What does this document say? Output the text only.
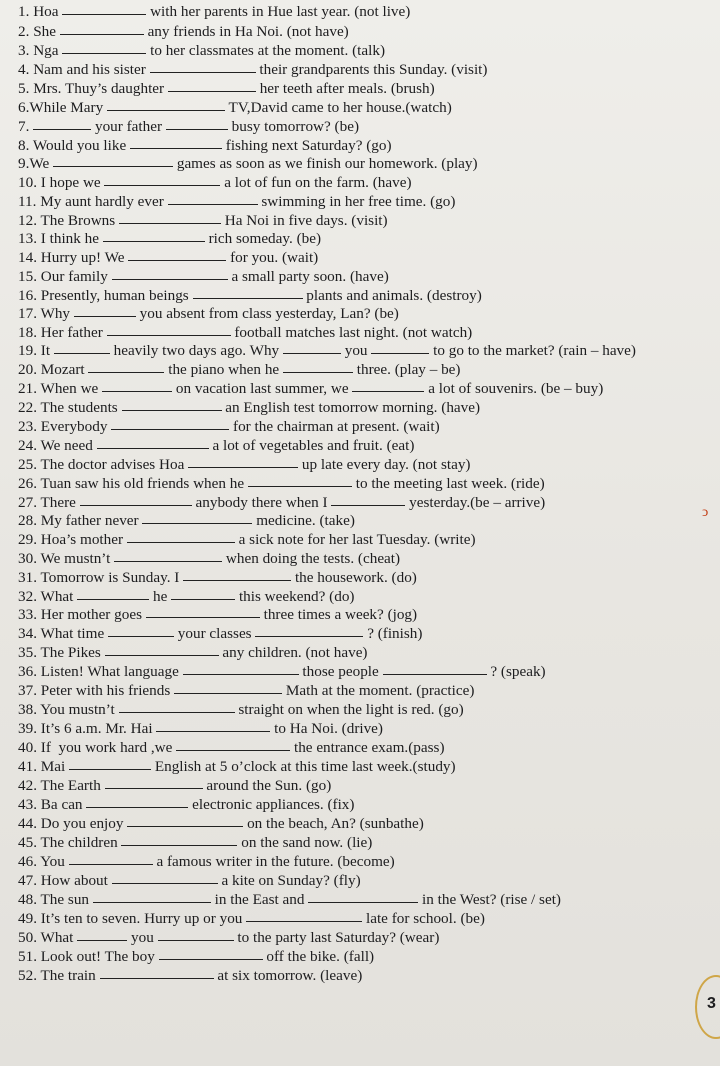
1. Hoa	with her parents in Hue last year. (not live)
2. She	any friends in Ha Noi. (not have)
3. Nga	to her classmates at the moment. (talk)
4. Nam and his sister	their grandparents this Sunday. (visit)
5. Mrs. Thuy’s daughter	her teeth after meals. (brush)
6.While Mary	TV,David came to her house.(watch)
7.	your father	busy tomorrow? (be)
8. Would you like	fishing next Saturday? (go)
9.We	games as soon as we finish our homework. (play)
10. I hope we	a lot of fun on the farm. (have)
11. My aunt hardly ever	swimming in her free time. (go)
12. The Browns	Ha Noi in five days. (visit)
13. I think he	rich someday. (be)
14. Hurry up! We	for you. (wait)
15. Our family	a small party soon. (have)
16. Presently, human beings	plants and animals. (destroy)
17. Why	you absent from class yesterday, Lan? (be)
18. Her father	football matches last night. (not watch)
19. It	heavily two days ago. Why	you	to go to the market? (rain – have)
20. Mozart	the piano when he	three. (play – be)
21. When we	on vacation last summer, we	a lot of souvenirs. (be – buy)
22. The students	an English test tomorrow morning. (have)
23. Everybody	for the chairman at present. (wait)
24. We need	a lot of vegetables and fruit. (eat)
25. The doctor advises Hoa	up late every day. (not stay)
26. Tuan saw his old friends when he	to the meeting last week. (ride)
27. There	anybody there when I	yesterday.(be – arrive)
28. My father never	medicine. (take)
29. Hoa’s mother	a sick note for her last Tuesday. (write)
30. We mustn’t	when doing the tests. (cheat)
31. Tomorrow is Sunday. I	the housework. (do)
32. What	he	this weekend? (do)
33. Her mother goes	three times a week? (jog)
34. What time	your classes	? (finish)
35. The Pikes	any children. (not have)
36. Listen! What language	those people	? (speak)
37. Peter with his friends	Math at the moment. (practice)
38. You mustn’t	straight on when the light is red. (go)
39. It’s 6 a.m. Mr. Hai	to Ha Noi. (drive)
40. If  you work hard ,we	the entrance exam.(pass)
41. Mai	English at 5 o’clock at this time last week.(study)
42. The Earth	around the Sun. (go)
43. Ba can	electronic appliances. (fix)
44. Do you enjoy	on the beach, An? (sunbathe)
45. The children	on the sand now. (lie)
46. You	a famous writer in the future. (become)
47. How about	a kite on Sunday? (fly)
48. The sun	in the East and	in the West? (rise / set)
49. It’s ten to seven. Hurry up or you	late for school. (be)
50. What	you	to the party last Saturday? (wear)
51. Look out! The boy	off the bike. (fall)
52. The train	at six tomorrow. (leave)
ↄ
3
